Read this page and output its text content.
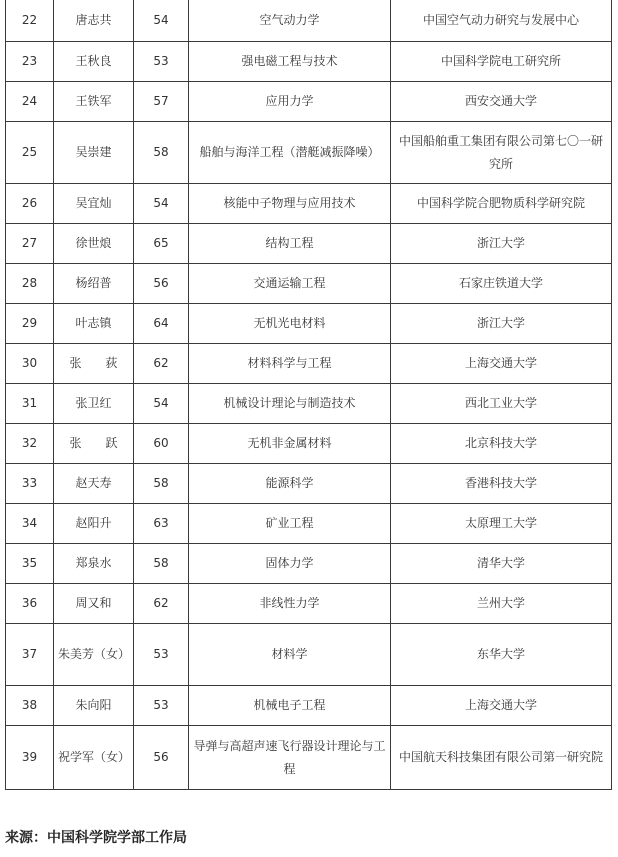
22	唐志共	54	空气动力学	中国空气动力研究与发展中心
23	王秋良	53	强电磁工程与技术	中国科学院电工研究所
24	王铁军	57	应用力学	西安交通大学
25	吴崇建	58	船舶与海洋工程（潜艇减振降噪）	中国船舶重工集团有限公司第七〇一研究所
26	吴宜灿	54	核能中子物理与应用技术	中国科学院合肥物质科学研究院
27	徐世烺	65	结构工程	浙江大学
28	杨绍普	56	交通运输工程	石家庄铁道大学
29	叶志镇	64	无机光电材料	浙江大学
30	张　　荻	62	材料科学与工程	上海交通大学
31	张卫红	54	机械设计理论与制造技术	西北工业大学
32	张　　跃	60	无机非金属材料	北京科技大学
33	赵天寿	58	能源科学	香港科技大学
34	赵阳升	63	矿业工程	太原理工大学
35	郑泉水	58	固体力学	清华大学
36	周又和	62	非线性力学	兰州大学
37	朱美芳（女）	53	材料学	东华大学
38	朱向阳	53	机械电子工程	上海交通大学
39	祝学军（女）	56	导弹与高超声速飞行器设计理论与工程	中国航天科技集团有限公司第一研究院
来源：中国科学院学部工作局
